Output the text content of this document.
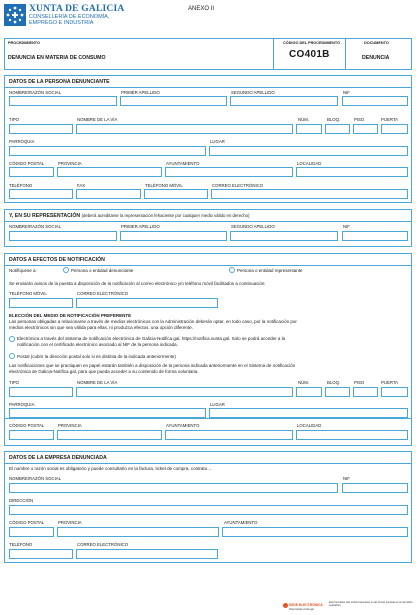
XUNTA DE GALICIA
CONSELLERÍA DE ECONOMÍA,
EMPREGO E INDUSTRIA
ANEXO II
PROCEDIMIENTO
DENUNCIA EN MATERIA DE CONSUMO
CÓDIGO DEL PROCEDIMIENTO
CO401B
DOCUMENTO
DENUNCIA
DATOS DE LA PERSONA DENUNCIANTE
NOMBRE/RAZÓN SOCIAL	PRIMER APELLIDO	SEGUNDO APELLIDO	NIF
TIPO	NOMBRE DE LA VÍA	NÚM.	BLOQ.	PISO	PUERTA
PARROQUIA	LUGAR
CÓDIGO POSTAL	PROVINCIA	AYUNTAMIENTO	LOCALIDAD
TELÉFONO	FAX	TELÉFONO MÓVIL	CORREO ELECTRÓNICO
Y, EN SU REPRESENTACIÓN (deberá acreditarse la representación fehaciente por cualquier medio válido en derecho)
NOMBRE/RAZÓN SOCIAL	PRIMER APELLIDO	SEGUNDO APELLIDO	NIF
DATOS A EFECTOS DE NOTIFICACIÓN
Notifíquese a:	Persona o entidad denunciante	Persona o entidad representante
Se enviarán avisos de la puesta a disposición de la notificación al correo electrónico y/o teléfono móvil facilitados a continuación:
TELÉFONO MÓVIL	CORREO ELECTRÓNICO
ELECCIÓN DEL MEDIO DE NOTIFICACIÓN PREFERENTE
Las personas obligadas a relacionarse a través de medios electrónicos con la Administración deberán optar, en todo caso, por la notificación por
medios electrónicos sin que sea válida para ellas, ni produzca efectos, una opción diferente.
Electrónica a través del Sistema de notificación electrónica de Galicia-Notifica.gal, https://notifica.xunta.gal. Solo se podrá acceder a la
notificación con el certificado electrónico asociado al NIF de la persona indicada.
Postal (cubrir la dirección postal solo si es distinta de la indicada anteriormente)
Las notificaciones que se practiquen en papel estarán también a disposición de la persona indicada anteriormente en el Sistema de notificación
electrónica de Galicia-Notifica.gal, para que pueda acceder a su contenido de forma voluntaria.
TIPO	NOMBRE DE LA VÍA	NÚM.	BLOQ.	PISO	PUERTA
PARROQUIA	LUGAR
CÓDIGO POSTAL	PROVINCIA	AYUNTAMIENTO	LOCALIDAD
DATOS DE LA EMPRESA DENUNCIADA
El nombre o razón social es obligatorio y puede consultarlo en la factura, ticket de compra, contrato…
NOMBRE/RAZÓN SOCIAL	NIF
DIRECCIÓN
CÓDIGO POSTAL	PROVINCIA	AYUNTAMIENTO
TELÉFONO	CORREO ELECTRÓNICO
SEDE ELECTRÓNICA
Este formulario solo podrá presentarse en las formas previstas en la normativa reguladora
https://sede.xunta.gal
